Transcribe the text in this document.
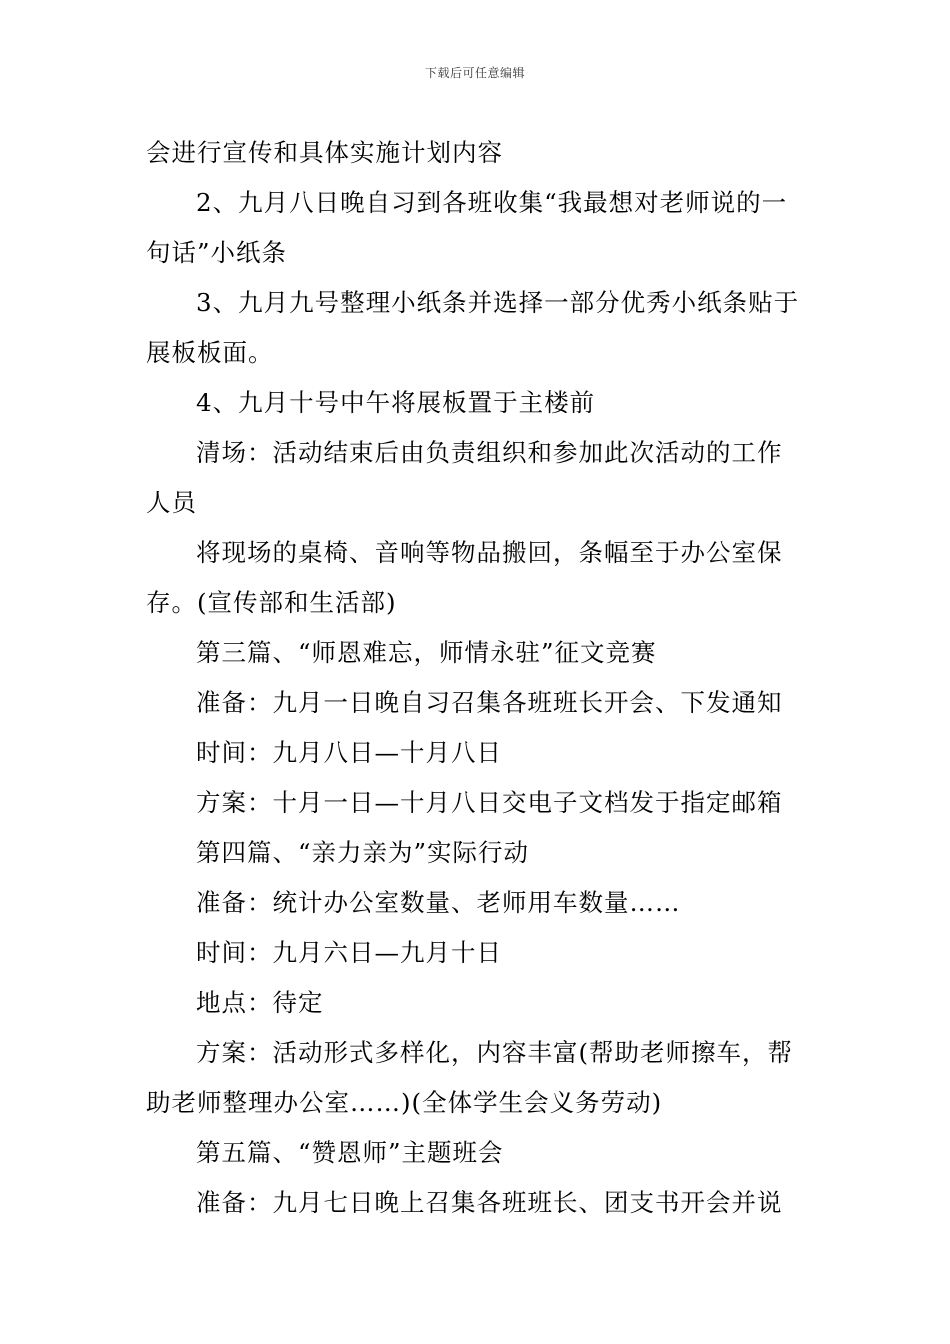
下载后可任意编辑

会进行宣传和具体实施计划内容

2、九月八日晚自习到各班收集“我最想对老师说的一

句话”小纸条

3、九月九号整理小纸条并选择一部分优秀小纸条贴于

展板板面。

4、九月十号中午将展板置于主楼前

清场：活动结束后由负责组织和参加此次活动的工作

人员

将现场的桌椅、音响等物品搬回，条幅至于办公室保

存。(宣传部和生活部)

第三篇、“师恩难忘，师情永驻”征文竞赛

准备：九月一日晚自习召集各班班长开会、下发通知

时间：九月八日—十月八日

方案：十月一日—十月八日交电子文档发于指定邮箱

第四篇、“亲力亲为”实际行动

准备：统计办公室数量、老师用车数量……

时间：九月六日—九月十日

地点：待定

方案：活动形式多样化，内容丰富(帮助老师擦车，帮

助老师整理办公室……)(全体学生会义务劳动)

第五篇、“赞恩师”主题班会

准备：九月七日晚上召集各班班长、团支书开会并说
